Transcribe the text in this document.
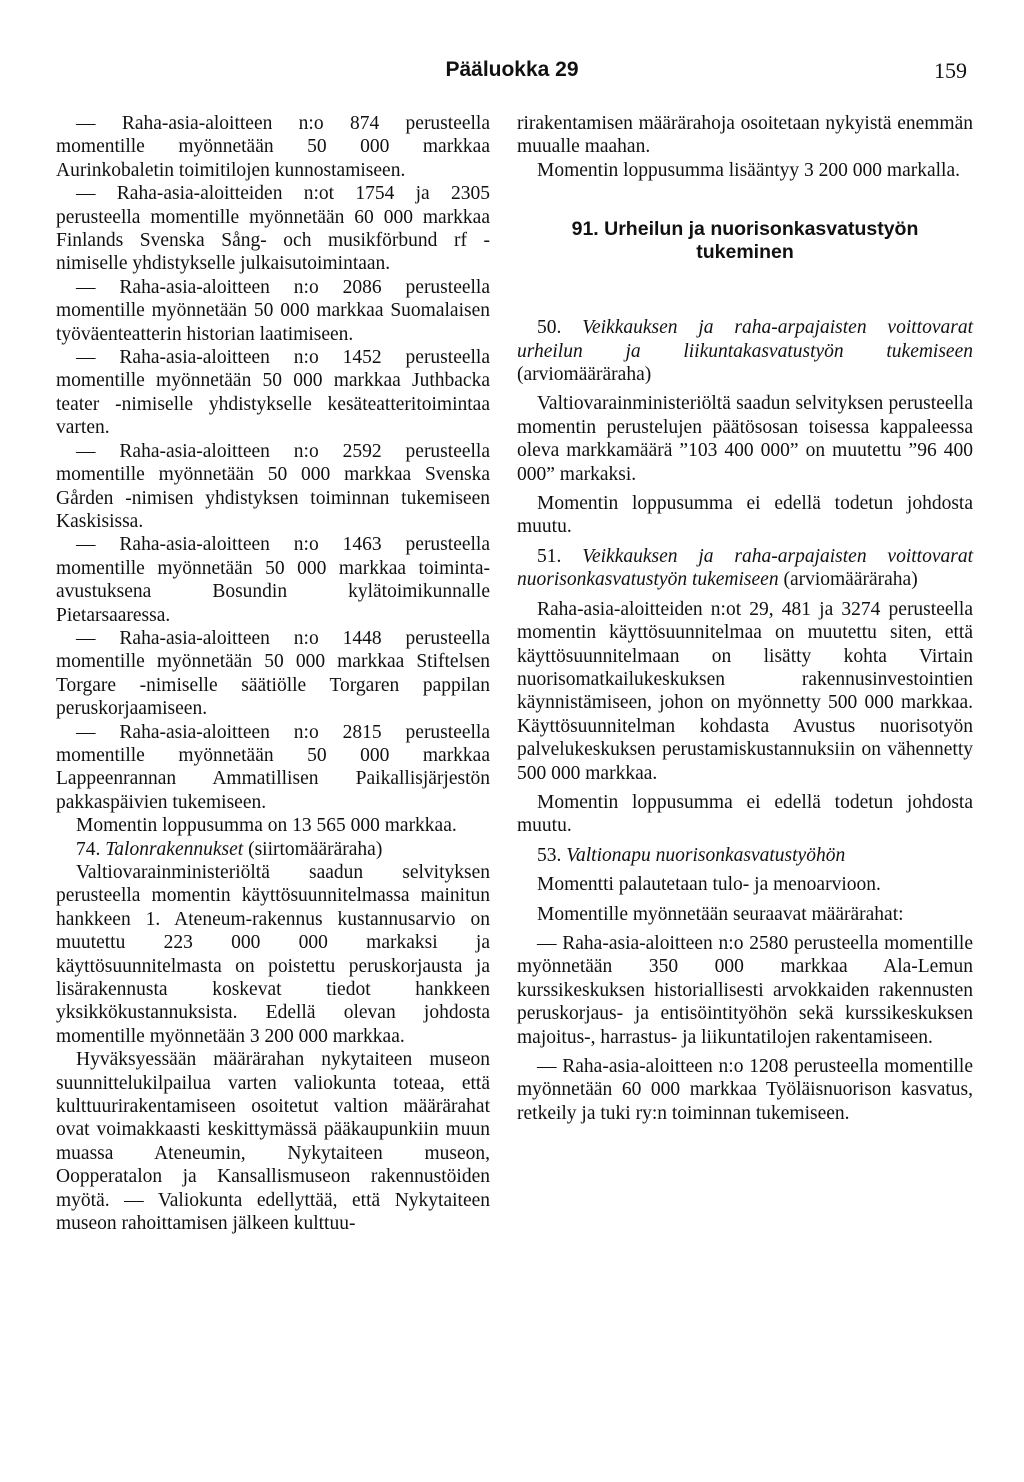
Pääluokka 29	159

— Raha-asia-aloitteen n:o 874 perusteella momentille myönnetään 50 000 markkaa Aurinkobaletin toimitilojen kunnostamiseen.

— Raha-asia-aloitteiden n:ot 1754 ja 2305 perusteella momentille myönnetään 60 000 markkaa Finlands Svenska Sång- och musikförbund rf -nimiselle yhdistykselle julkaisutoimintaan.

— Raha-asia-aloitteen n:o 2086 perusteella momentille myönnetään 50 000 markkaa Suomalaisen työväenteatterin historian laatimiseen.

— Raha-asia-aloitteen n:o 1452 perusteella momentille myönnetään 50 000 markkaa Juthbacka teater -nimiselle yhdistykselle kesäteatteritoimintaa varten.

— Raha-asia-aloitteen n:o 2592 perusteella momentille myönnetään 50 000 markkaa Svenska Gården -nimisen yhdistyksen toiminnan tukemiseen Kaskisissa.

— Raha-asia-aloitteen n:o 1463 perusteella momentille myönnetään 50 000 markkaa toiminta-avustuksena Bosundin kylätoimikunnalle Pietarsaaressa.

— Raha-asia-aloitteen n:o 1448 perusteella momentille myönnetään 50 000 markkaa Stiftelsen Torgare -nimiselle säätiölle Torgaren pappilan peruskorjaamiseen.

— Raha-asia-aloitteen n:o 2815 perusteella momentille myönnetään 50 000 markkaa Lappeenrannan Ammatillisen Paikallisjärjestön pakkaspäivien tukemiseen.

Momentin loppusumma on 13 565 000 markkaa.

74. Talonrakennukset (siirtomääräraha)

Valtiovarainministeriöltä saadun selvityksen perusteella momentin käyttösuunnitelmassa mainitun hankkeen 1. Ateneum-rakennus kustannusarvio on muutettu 223 000 000 markaksi ja käyttösuunnitelmasta on poistettu peruskorjausta ja lisärakennusta koskevat tiedot hankkeen yksikkökustannuksista. Edellä olevan johdosta momentille myönnetään 3 200 000 markkaa.

Hyväksyessään määrärahan nykytaiteen museon suunnittelukilpailua varten valiokunta toteaa, että kulttuurirakentamiseen osoitetut valtion määrärahat ovat voimakkaasti keskittymässä pääkaupunkiin muun muassa Ateneumin, Nykytaiteen museon, Oopperatalon ja Kansallismuseon rakennustöiden myötä. — Valiokunta edellyttää, että Nykytaiteen museon rahoittamisen jälkeen kulttuu-

rirakentamisen määrärahoja osoitetaan nykyistä enemmän muualle maahan.

Momentin loppusumma lisääntyy 3 200 000 markalla.

91. Urheilun ja nuorisonkasvatustyön tukeminen

50. Veikkauksen ja raha-arpajaisten voittovarat urheilun ja liikuntakasvatustyön tukemiseen (arviomääräraha)

Valtiovarainministeriöltä saadun selvityksen perusteella momentin perustelujen päätösosan toisessa kappaleessa oleva markkamäärä ”103 400 000” on muutettu ”96 400 000” markaksi.

Momentin loppusumma ei edellä todetun johdosta muutu.

51. Veikkauksen ja raha-arpajaisten voittovarat nuorisonkasvatustyön tukemiseen (arviomääräraha)

Raha-asia-aloitteiden n:ot 29, 481 ja 3274 perusteella momentin käyttösuunnitelmaa on muutettu siten, että käyttösuunnitelmaan on lisätty kohta Virtain nuorisomatkailukeskuksen rakennusinvestointien käynnistämiseen, johon on myönnetty 500 000 markkaa. Käyttösuunnitelman kohdasta Avustus nuorisotyön palvelukeskuksen perustamiskustannuksiin on vähennetty 500 000 markkaa.

Momentin loppusumma ei edellä todetun johdosta muutu.

53. Valtionapu nuorisonkasvatustyöhön

Momentti palautetaan tulo- ja menoarvioon.

Momentille myönnetään seuraavat määrärahat:

— Raha-asia-aloitteen n:o 2580 perusteella momentille myönnetään 350 000 markkaa Ala-Lemun kurssikeskuksen historiallisesti arvokkaiden rakennusten peruskorjaus- ja entisöintityöhön sekä kurssikeskuksen majoitus-, harrastus- ja liikuntatilojen rakentamiseen.

— Raha-asia-aloitteen n:o 1208 perusteella momentille myönnetään 60 000 markkaa Työläisnuorison kasvatus, retkeily ja tuki ry:n toiminnan tukemiseen.
